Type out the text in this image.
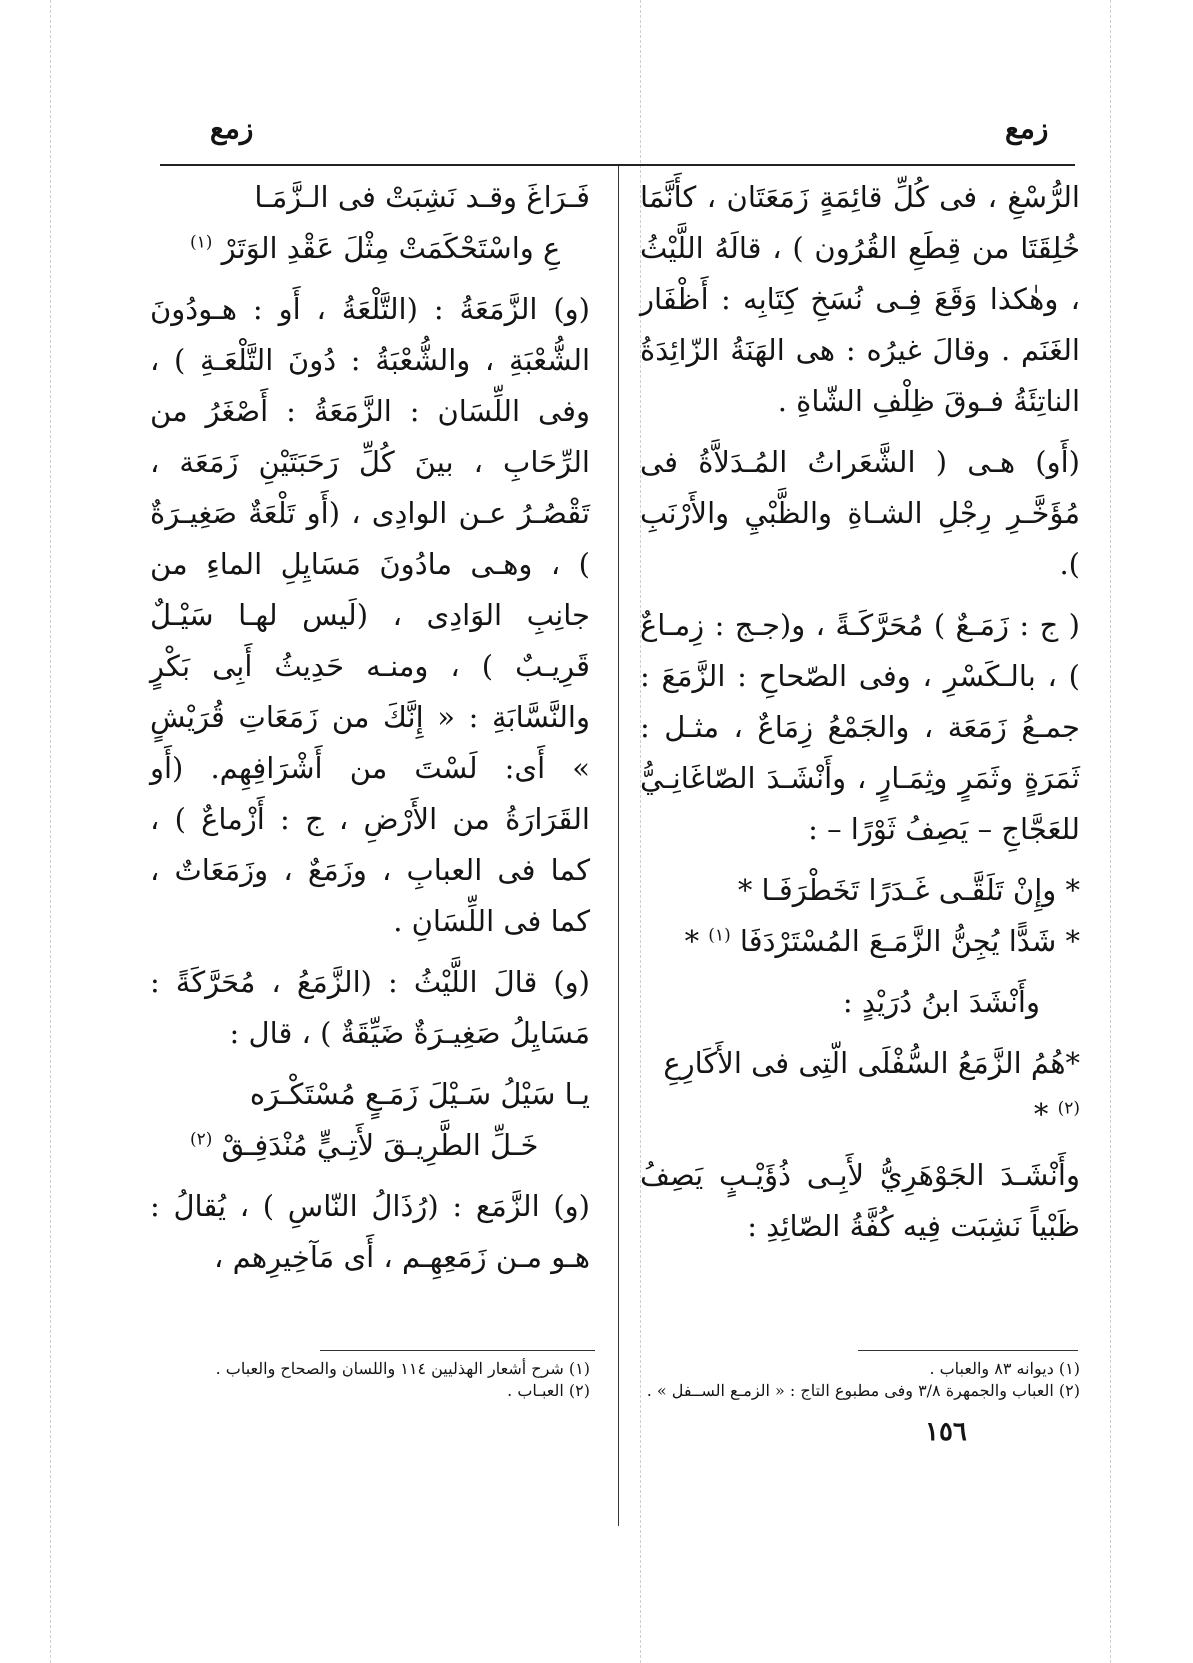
زمع
زمع

الرُّسْغِ ، فى كُلِّ قائِمَةٍ زَمَعَتَان ، كأَنَّمَا خُلِقَتَا من قِطَعِ القُرُون ) ، قالَهُ اللَّيْثُ ، وهٰكذا وَقَعَ فِـى نُسَخِ كِتَابِه : أَظْفَار الغَنَم . وقالَ غيرُه : هى الهَنَةُ الزّائِدَةُ الناتِئَةُ فـوقَ ظِلْفِ الشّاةِ .

(أَو) هـى ( الشَّعَراتُ المُـدَلاَّةُ فى مُؤَخَّـرِ رِجْلِ الشـاةِ والظَّبْيِ والأَرْنَبِ ).

( ج : زَمَـعٌ ) مُحَرَّكَـةً ، و(جـج : زِمـاعٌ ) ، بالـكَسْرِ ، وفى الصّحاحِ : الزَّمَعَ : جمـعُ زَمَعَة ، والجَمْعُ زِمَاعٌ ، مثـل : ثَمَرَةٍ وثَمَرٍ وثِمَـارٍ ، وأَنْشَـدَ الصّاغَانِـيُّ للعَجَّاجِ – يَصِفُ ثَوْرًا – :

* وإِنْ تَلَقَّـى غَـدَرًا تَخَطْرَفَـا *
* شَدًّا يُجِنُّ الزَّمَـعَ المُسْتَرْدَفَا $^{(١)}$ *

وأَنْشَدَ ابنُ دُرَيْدٍ :

*هُمُ الزَّمَعُ السُّفْلَى الّتِى فى الأَكَارِعِ $^{(٢)}$ *

وأَنْشَـدَ الجَوْهَرِيُّ لأَبِـى ذُؤَيْـبٍ يَصِفُ ظَبْياً نَشِبَت فِيه كُفَّةُ الصّائِدِ :

فَـرَاغَ وقـد نَشِبَتْ فى الـزَّمَـا
عِ واسْتَحْكَمَتْ مِثْلَ عَقْدِ الوَتَرْ $^{(١)}$

(و) الزَّمَعَةُ : (التَّلْعَةُ ، أَو : هـودُونَ الشُّعْبَةِ ، والشُّعْبَةُ : دُونَ التَّلْعَـةِ ) ، وفى اللِّسَان : الزَّمَعَةُ : أَصْغَرُ من الرِّحَابِ ، بينَ كُلِّ رَحَبَتَيْنِ زَمَعَة ، تَقْصُـرُ عـن الوادِى ، (أَو تَلْعَةٌ صَغِيـرَةٌ ) ، وهـى مادُونَ مَسَايِلِ الماءِ من جانِبِ الوَادِى ، (لَيس لهـا سَيْـلٌ قَرِيـبٌ ) ، ومنـه حَدِيثُ أَبِى بَكْرٍ والنَّسَّابَةِ : « إِنَّكَ من زَمَعَاتِ قُرَيْشٍ » أَى: لَسْتَ من أَشْرَافِهِم. (أَو القَرَارَةُ من الأَرْضِ ، ج : أَزْماعٌ ) ، كما فى العبابِ ، وزَمَعٌ ، وزَمَعَاتٌ ، كما فى اللِّسَانِ .

(و) قالَ اللَّيْثُ : (الزَّمَعُ ، مُحَرَّكَةً : مَسَايِلُ صَغِيـرَةٌ ضَيِّقَةٌ ) ، قال :

يـا سَيْلُ سَـيْلَ زَمَـعٍ مُسْتَكْـرَه
خَـلِّ الطَّرِيـقَ لأَتِـيٍّ مُنْدَفِـقْ $^{(٢)}$

(و) الزَّمَع : (رُذَالُ النّاسِ ) ، يُقالُ : هـو مـن زَمَعِهِـم ، أَى مَآخِيرِهم ،

(١) ديوانه ٨٣ والعباب .
(٢) العباب والجمهرة ٣/٨ وفى مطبوع التاج : « الزمـع الســفل » .
(١) شرح أشعار الهذليين ١١٤ واللسان والصحاح والعباب .
(٢) العبـاب .
١٥٦
